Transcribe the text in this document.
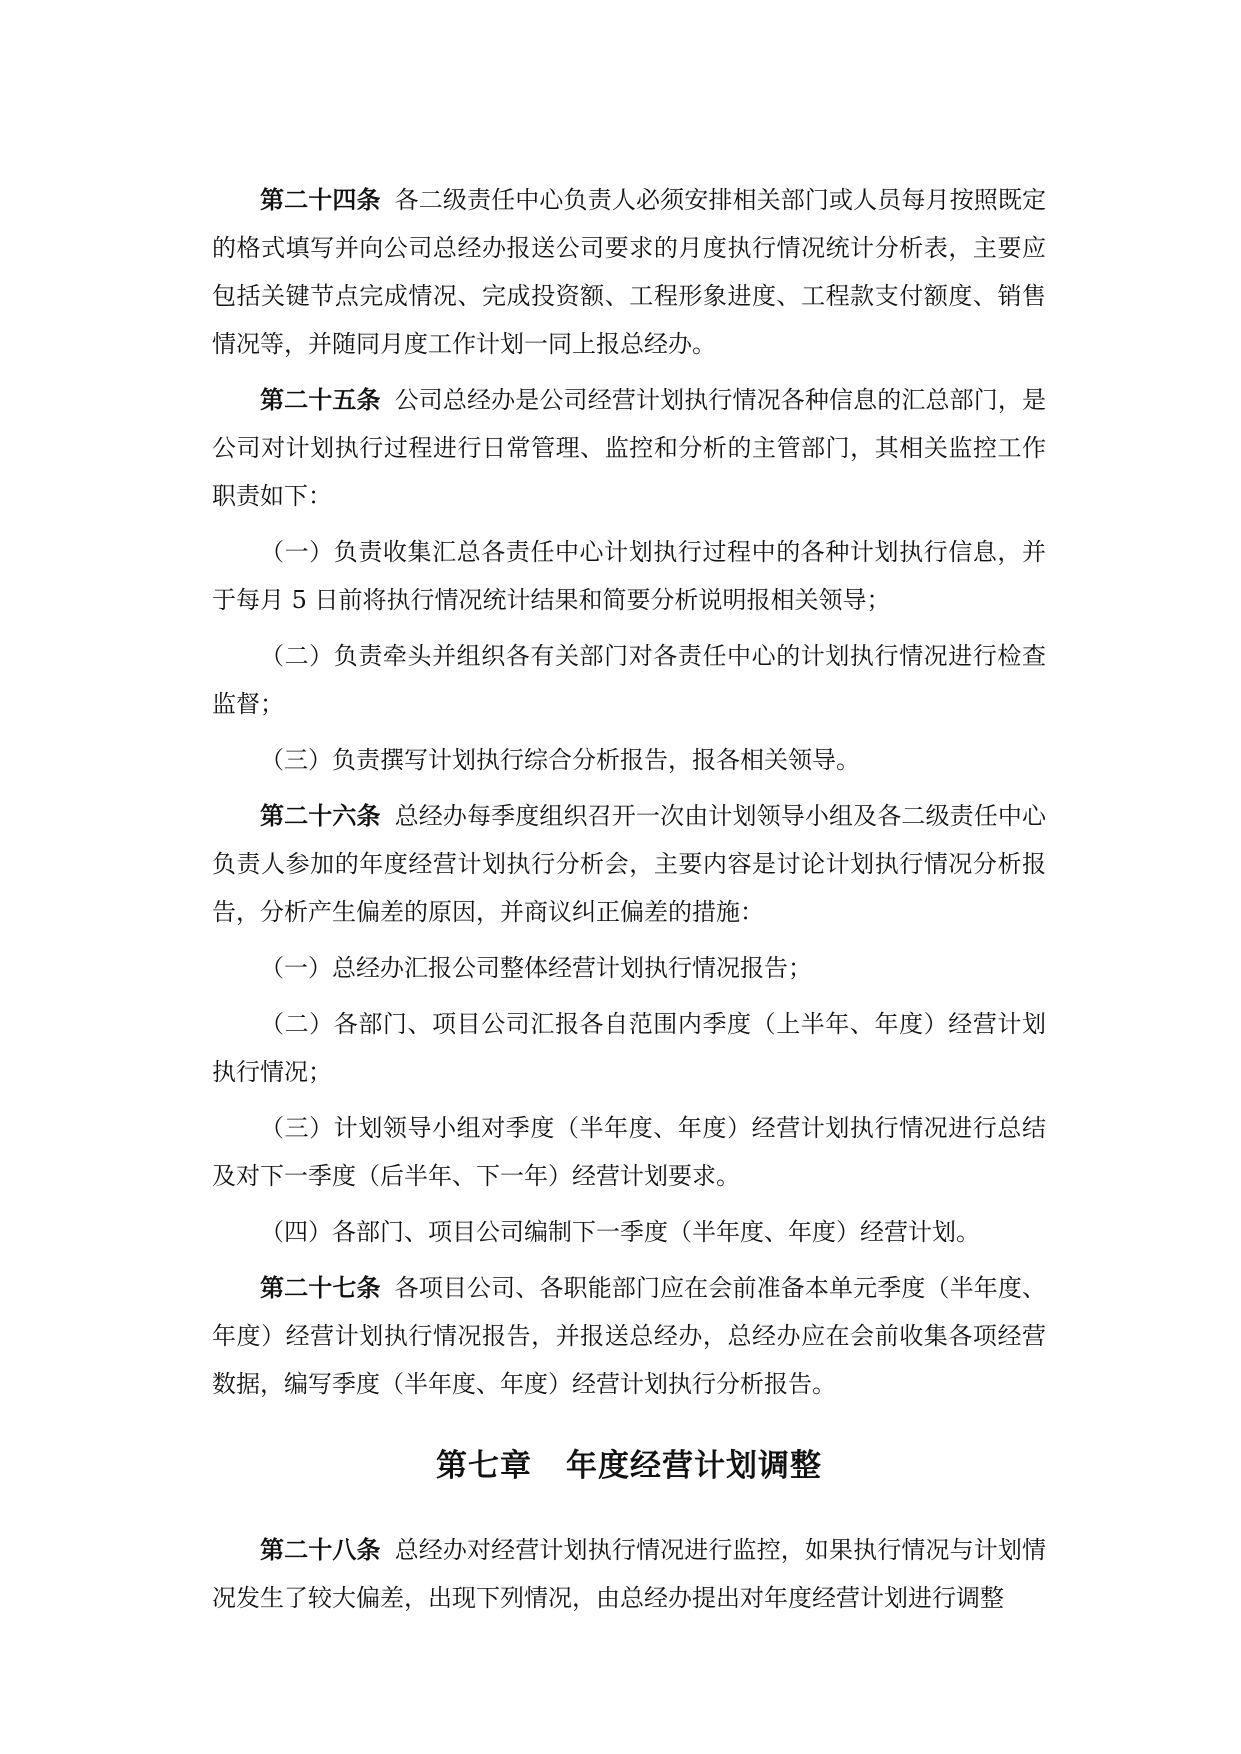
第二十四条 各二级责任中心负责人必须安排相关部门或人员每月按照既定的格式填写并向公司总经办报送公司要求的月度执行情况统计分析表，主要应包括关键节点完成情况、完成投资额、工程形象进度、工程款支付额度、销售情况等，并随同月度工作计划一同上报总经办。

第二十五条 公司总经办是公司经营计划执行情况各种信息的汇总部门，是公司对计划执行过程进行日常管理、监控和分析的主管部门，其相关监控工作职责如下：

（一）负责收集汇总各责任中心计划执行过程中的各种计划执行信息，并于每月 5 日前将执行情况统计结果和简要分析说明报相关领导；

（二）负责牵头并组织各有关部门对各责任中心的计划执行情况进行检查监督；

（三）负责撰写计划执行综合分析报告，报各相关领导。

第二十六条 总经办每季度组织召开一次由计划领导小组及各二级责任中心负责人参加的年度经营计划执行分析会，主要内容是讨论计划执行情况分析报告，分析产生偏差的原因，并商议纠正偏差的措施：

（一）总经办汇报公司整体经营计划执行情况报告；

（二）各部门、项目公司汇报各自范围内季度（上半年、年度）经营计划执行情况；

（三）计划领导小组对季度（半年度、年度）经营计划执行情况进行总结及对下一季度（后半年、下一年）经营计划要求。

（四）各部门、项目公司编制下一季度（半年度、年度）经营计划。

第二十七条 各项目公司、各职能部门应在会前准备本单元季度（半年度、年度）经营计划执行情况报告，并报送总经办，总经办应在会前收集各项经营数据，编写季度（半年度、年度）经营计划执行分析报告。

第七章 年度经营计划调整

第二十八条 总经办对经营计划执行情况进行监控，如果执行情况与计划情况发生了较大偏差，出现下列情况，由总经办提出对年度经营计划进行调整
